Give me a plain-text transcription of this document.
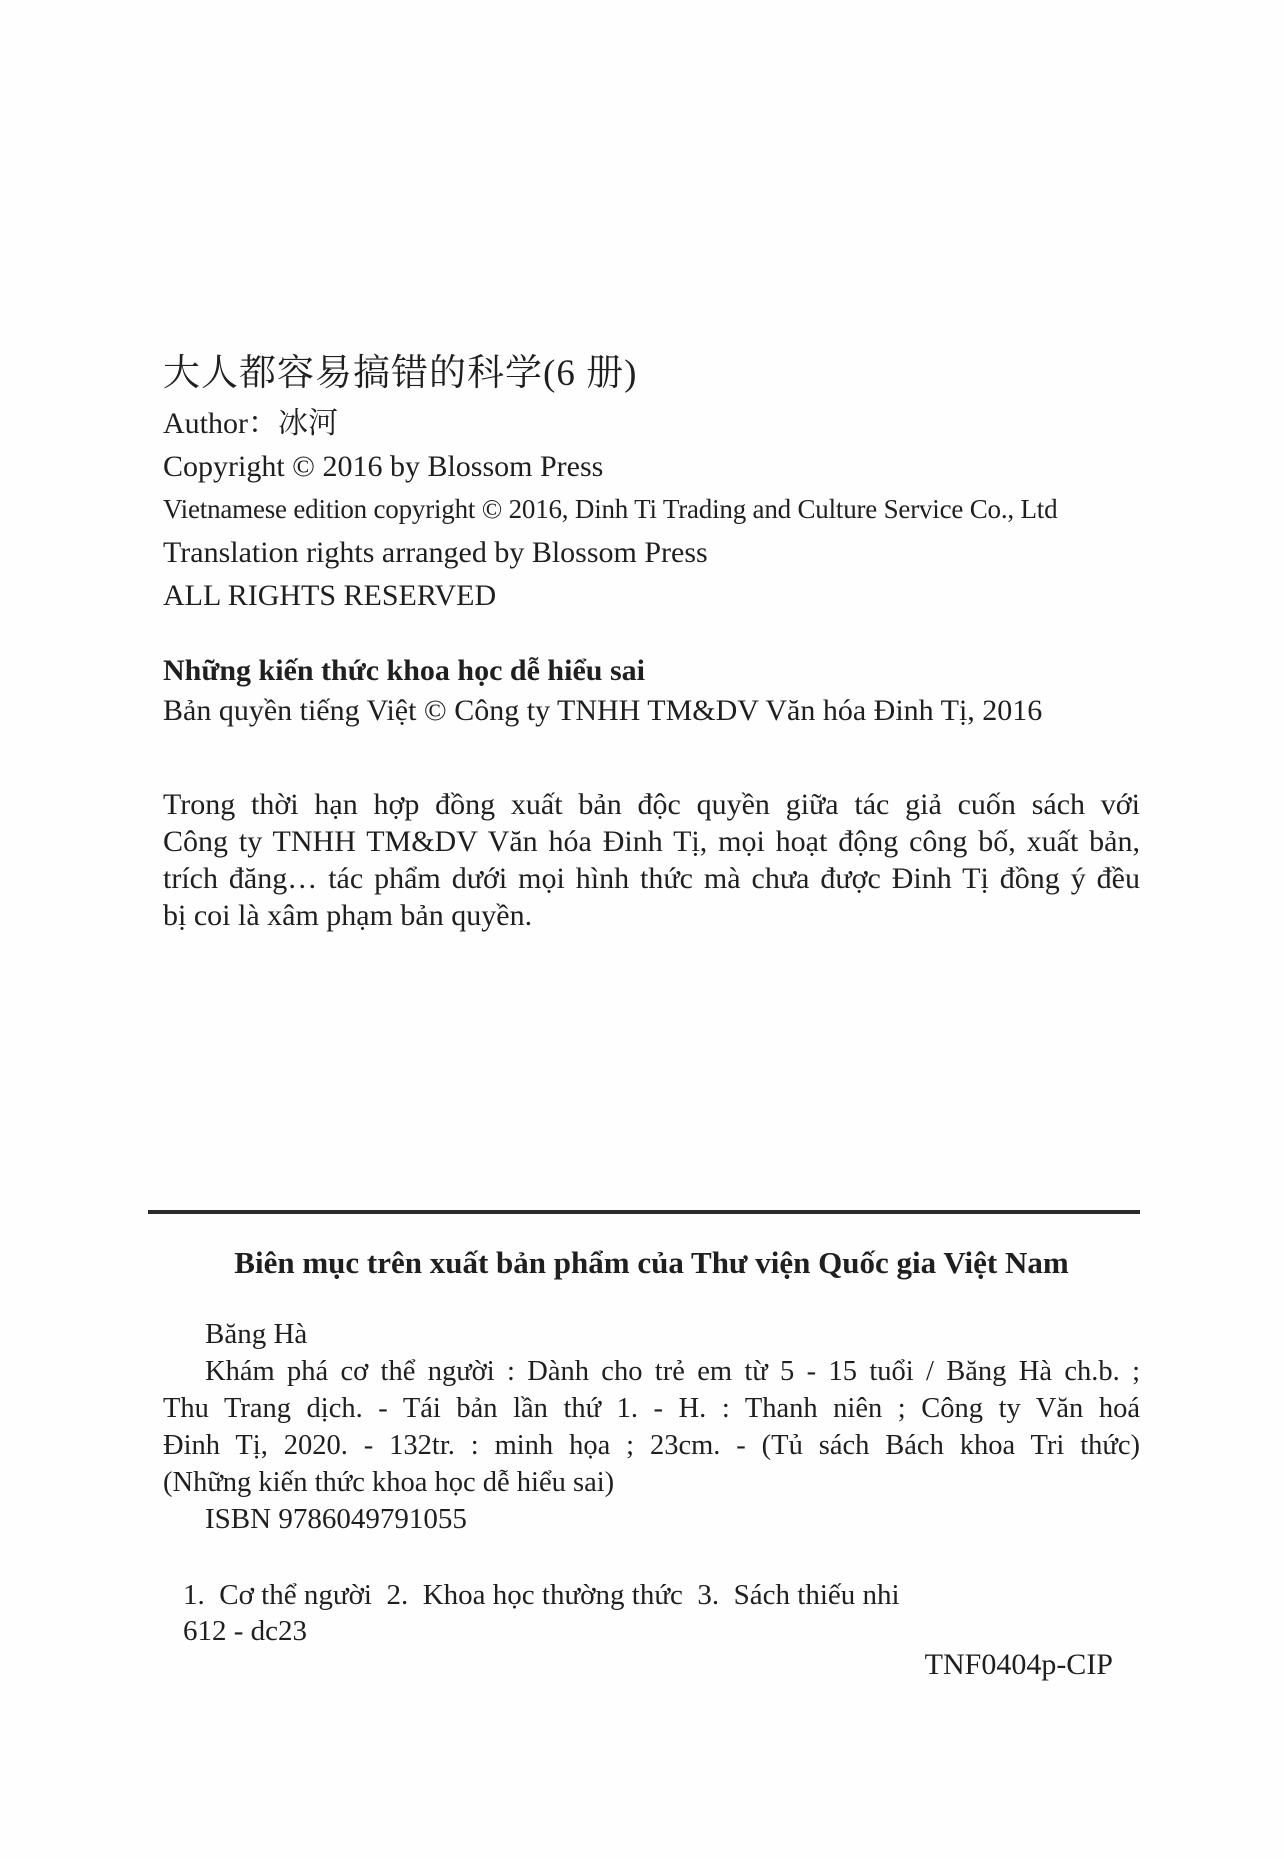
大人都容易搞错的科学(6 册)
Author：冰河
Copyright © 2016 by Blossom Press
Vietnamese edition copyright © 2016, Dinh Ti Trading and Culture Service Co., Ltd
Translation rights arranged by Blossom Press
ALL RIGHTS RESERVED
Những kiến thức khoa học dễ hiểu sai
Bản quyền tiếng Việt © Công ty TNHH TM&DV Văn hóa Đinh Tị, 2016
Trong thời hạn hợp đồng xuất bản độc quyền giữa tác giả cuốn sách với
Công ty TNHH TM&DV Văn hóa Đinh Tị, mọi hoạt động công bố, xuất bản,
trích đăng… tác phẩm dưới mọi hình thức mà chưa được Đinh Tị đồng ý đều
bị coi là xâm phạm bản quyền.
Biên mục trên xuất bản phẩm của Thư viện Quốc gia Việt Nam
Băng Hà
Khám phá cơ thể người : Dành cho trẻ em từ 5 - 15 tuổi / Băng Hà ch.b. ;
Thu Trang dịch. - Tái bản lần thứ 1. - H. : Thanh niên ; Công ty Văn hoá
Đinh Tị, 2020. - 132tr. : minh họa ; 23cm. - (Tủ sách Bách khoa Tri thức)
(Những kiến thức khoa học dễ hiểu sai)
ISBN 9786049791055
1.  Cơ thể người  2.  Khoa học thường thức  3.  Sách thiếu nhi
612 - dc23
TNF0404p-CIP
